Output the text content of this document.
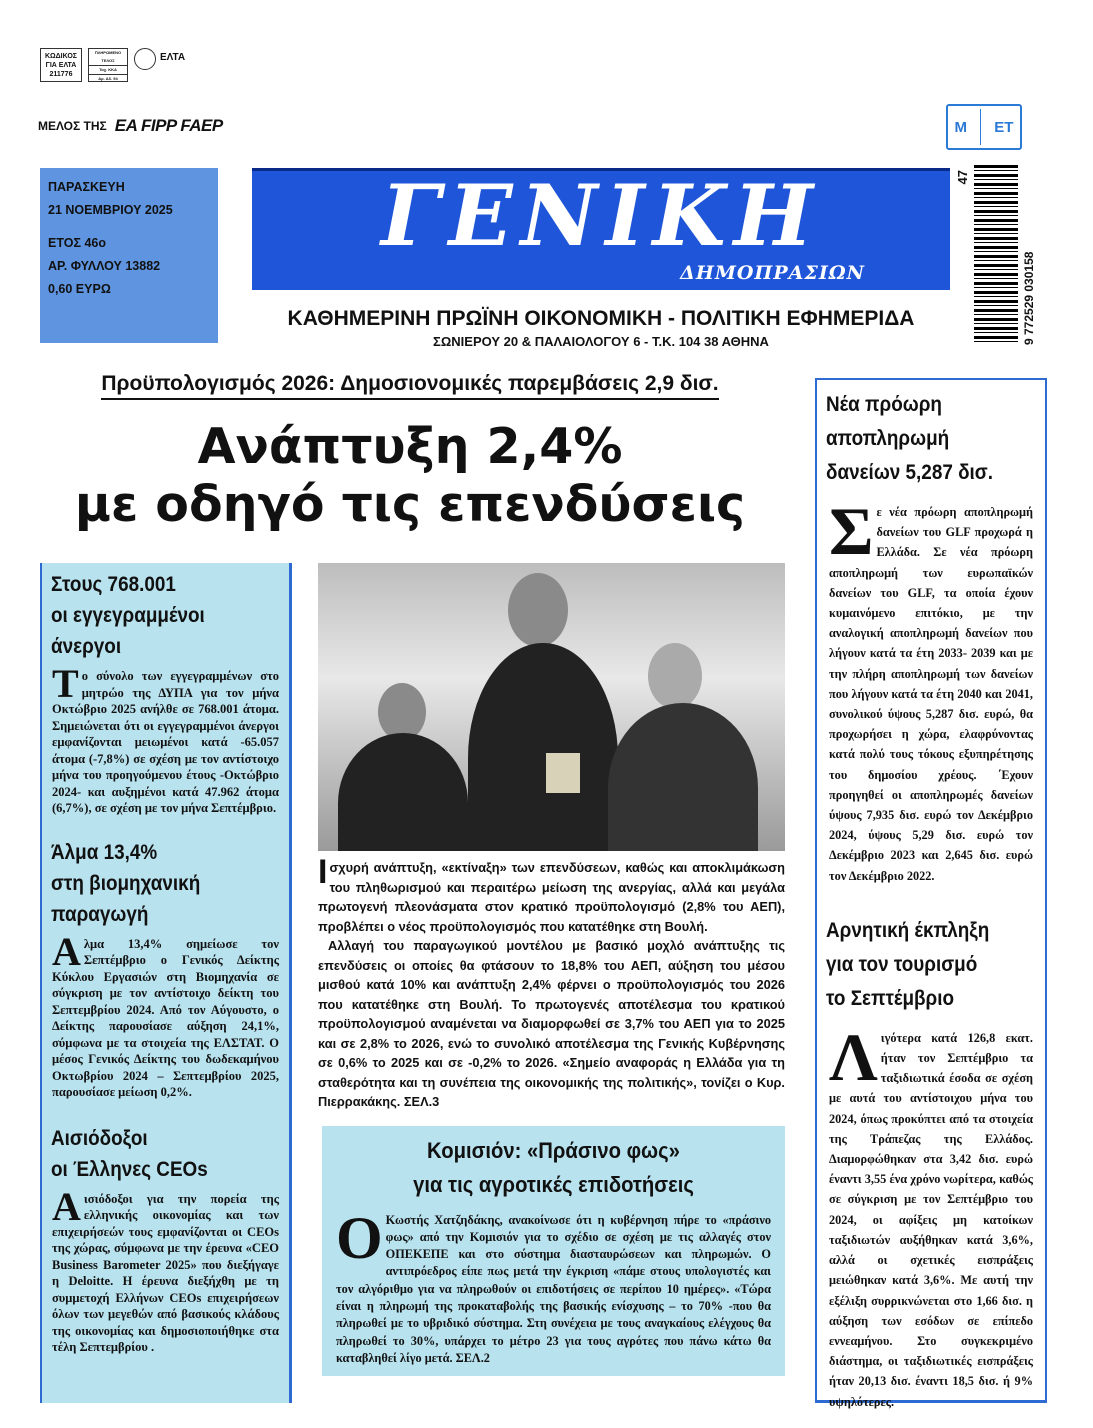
ΚΩΔΙΚΟΣ
ΓΙΑ ΕΛΤΑ
211776
ΠΛΗΡΩΜΕΝΟ ΤΕΛΟΣ
Ταχ. ΚΚΑ
Αρ. Αδ. 94
ΕΛΤΑ
ΜΕΛΟΣ ΤΗΣ ΕΑ FIPP FAEP
ΠΑΡΑΣΚΕΥΗ
21 ΝΟΕΜΒΡΙΟΥ 2025
ΕΤΟΣ 46ο
ΑΡ. ΦΥΛΛΟΥ 13882
0,60 ΕΥΡΩ
ΓΕΝΙΚΗ
ΔΗΜΟΠΡΑΣΙΩΝ
ΚΑΘΗΜΕΡΙΝΗ ΠΡΩΪΝΗ ΟΙΚΟΝΟΜΙΚΗ - ΠΟΛΙΤΙΚΗ ΕΦΗΜΕΡΙΔΑ
ΣΩΝΙΕΡΟΥ 20 & ΠΑΛΑΙΟΛΟΓΟΥ 6 - Τ.Κ. 104 38 ΑΘΗΝΑ
M ET
47
9 772529 030158
Προϋπολογισμός 2026: Δημοσιονομικές παρεμβάσεις 2,9 δισ.
Ανάπτυξη 2,4%
με οδηγό τις επενδύσεις
Στους 768.001
οι εγγεγραμμένοι
άνεργοι

Το σύνολο των εγγεγραμμένων στο μητρώο της ΔΥΠΑ για τον μήνα Οκτώβριο 2025 ανήλθε σε 768.001 άτομα. Σημειώνεται ότι οι εγγεγραμμένοι άνεργοι εμφανίζονται μειωμένοι κατά -65.057 άτομα (-7,8%) σε σχέση με τον αντίστοιχο μήνα του προηγούμενου έτους -Οκτώβριο 2024- και αυξημένοι κατά 47.962 άτομα (6,7%), σε σχέση με τον μήνα Σεπτέμβριο.

Άλμα 13,4%
στη βιομηχανική
παραγωγή

Αλμα 13,4% σημείωσε τον Σεπτέμβριο ο Γενικός Δείκτης Κύκλου Εργασιών στη Βιομηχανία σε σύγκριση με τον αντίστοιχο δείκτη του Σεπτεμβρίου 2024. Από τον Αύγουστο, ο Δείκτης παρουσίασε αύξηση 24,1%, σύμφωνα με τα στοιχεία της ΕΛΣΤΑΤ. Ο μέσος Γενικός Δείκτης του δωδεκαμήνου Οκτωβρίου 2024 – Σεπτεμβρίου 2025, παρουσίασε μείωση 0,2%.

Αισιόδοξοι
οι Έλληνες CEOs

Αισιόδοξοι για την πορεία της ελληνικής οικονομίας και των επιχειρήσεών τους εμφανίζονται οι CEOs της χώρας, σύμφωνα με την έρευνα «CEO Business Barometer 2025» που διεξήγαγε η Deloitte. Η έρευνα διεξήχθη με τη συμμετοχή Ελλήνων CEOs επιχειρήσεων όλων των μεγεθών από βασικούς κλάδους της οικονομίας και δημοσιοποιήθηκε στα τέλη Σεπτεμβρίου .

Ισχυρή ανάπτυξη, «εκτίναξη» των επενδύσεων, καθώς και αποκλιμάκωση του πληθωρισμού και περαιτέρω μείωση της ανεργίας, αλλά και μεγάλα πρωτογενή πλεονάσματα στον κρατικό προϋπολογισμό (2,8% του ΑΕΠ), προβλέπει ο νέος προϋπολογισμός που κατατέθηκε στη Βουλή.

Αλλαγή του παραγωγικού μοντέλου με βασικό μοχλό ανάπτυξης τις επενδύσεις οι οποίες θα φτάσουν το 18,8% του ΑΕΠ, αύξηση του μέσου μισθού κατά 10% και ανάπτυξη 2,4% φέρνει ο προϋπολογισμός του 2026 που κατατέθηκε στη Βουλή. Το πρωτογενές αποτέλεσμα του κρατικού προϋπολογισμού αναμένεται να διαμορφωθεί σε 3,7% του ΑΕΠ για το 2025 και σε 2,8% το 2026, ενώ το συνολικό αποτέλεσμα της Γενικής Κυβέρνησης σε 0,6% το 2025 και σε -0,2% το 2026. «Σημείο αναφοράς η Ελλάδα για τη σταθερότητα και τη συνέπεια της οικονομικής της πολιτικής», τονίζει ο Κυρ. Πιερρακάκης. ΣΕΛ.3

Κομισιόν: «Πράσινο φως»
για τις αγροτικές επιδοτήσεις

Ο Κωστής Χατζηδάκης, ανακοίνωσε ότι η κυβέρνηση πήρε το «πράσινο φως» από την Κομισιόν για το σχέδιο σε σχέση με τις αλλαγές στον ΟΠΕΚΕΠΕ και στο σύστημα διασταυρώσεων και πληρωμών. Ο αντιπρόεδρος είπε πως μετά την έγκριση «πάμε στους υπολογιστές και τον αλγόριθμο για να πληρωθούν οι επιδοτήσεις σε περίπου 10 ημέρες». «Τώρα είναι η πληρωμή της προκαταβολής της βασικής ενίσχυσης – το 70% -που θα πληρωθεί με το υβριδικό σύστημα. Στη συνέχεια με τους αναγκαίους ελέγχους θα πληρωθεί το 30%, υπάρχει το μέτρο 23 για τους αγρότες που πάνω κάτω θα καταβληθεί λίγο μετά. ΣΕΛ.2

Νέα πρόωρη
αποπληρωμή
δανείων 5,287 δισ.

Σε νέα πρόωρη αποπληρωμή δανείων του GLF προχωρά η Ελλάδα. Σε νέα πρόωρη αποπληρωμή των ευρωπαϊκών δανείων του GLF, τα οποία έχουν κυμαινόμενο επιτόκιο, με την αναλογική αποπληρωμή δανείων που λήγουν κατά τα έτη 2033- 2039 και με την πλήρη αποπληρωμή των δανείων που λήγουν κατά τα έτη 2040 και 2041, συνολικού ύψους 5,287 δισ. ευρώ, θα προχωρήσει η χώρα, ελαφρύνοντας κατά πολύ τους τόκους εξυπηρέτησης του δημοσίου χρέους. ΄Εχουν προηγηθεί οι αποπληρωμές δανείων ύψους 7,935 δισ. ευρώ τον Δεκέμβριο 2024, ύψους 5,29 δισ. ευρώ τον Δεκέμβριο 2023 και 2,645 δισ. ευρώ τον Δεκέμβριο 2022.

Αρνητική έκπληξη
για τον τουρισμό
το Σεπτέμβριο

Λιγότερα κατά 126,8 εκατ. ήταν τον Σεπτέμβριο τα ταξιδιωτικά έσοδα σε σχέση με αυτά του αντίστοιχου μήνα του 2024, όπως προκύπτει από τα στοιχεία της Τράπεζας της Ελλάδος. Διαμορφώθηκαν στα 3,42 δισ. ευρώ έναντι 3,55 ένα χρόνο νωρίτερα, καθώς σε σύγκριση με τον Σεπτέμβριο του 2024, οι αφίξεις μη κατοίκων ταξιδιωτών αυξήθηκαν κατά 3,6%, αλλά οι σχετικές εισπράξεις μειώθηκαν κατά 3,6%. Με αυτή την εξέλιξη συρρικνώνεται στο 1,66 δισ. η αύξηση των εσόδων σε επίπεδο εννεαμήνου. Στο συγκεκριμένο διάστημα, οι ταξιδιωτικές εισπράξεις ήταν 20,13 δισ. έναντι 18,5 δισ. ή 9% υψηλότερες.
